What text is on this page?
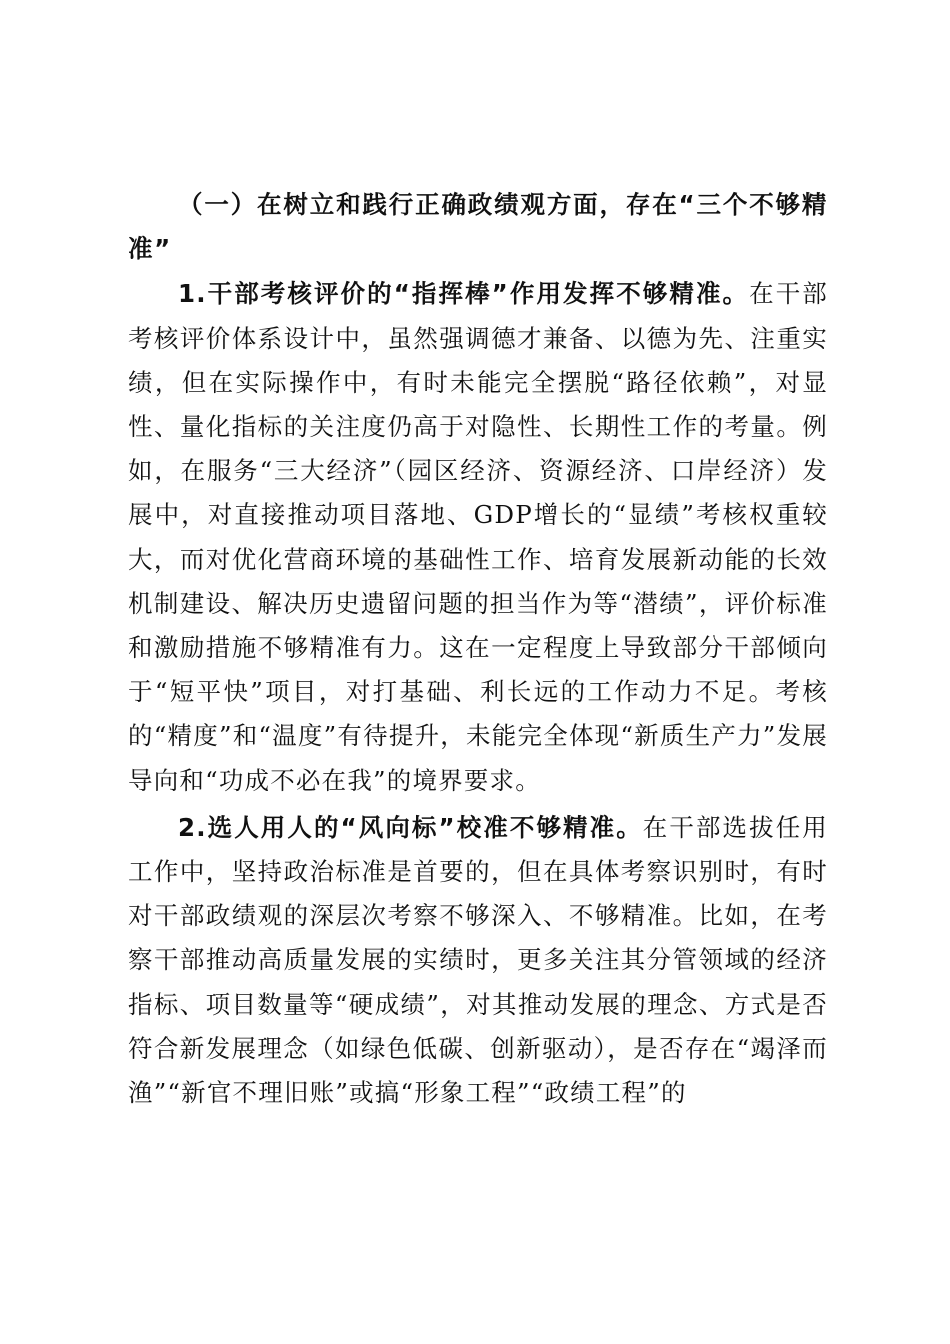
（一）在树立和践行正确政绩观方面，存在“三个不够精准”

1.干部考核评价的“指挥棒”作用发挥不够精准。在干部考核评价体系设计中，虽然强调德才兼备、以德为先、注重实绩，但在实际操作中，有时未能完全摆脱“路径依赖”，对显性、量化指标的关注度仍高于对隐性、长期性工作的考量。例如，在服务“三大经济”（园区经济、资源经济、口岸经济）发展中，对直接推动项目落地、GDP增长的“显绩”考核权重较大，而对优化营商环境的基础性工作、培育发展新动能的长效机制建设、解决历史遗留问题的担当作为等“潜绩”，评价标准和激励措施不够精准有力。这在一定程度上导致部分干部倾向于“短平快”项目，对打基础、利长远的工作动力不足。考核的“精度”和“温度”有待提升，未能完全体现“新质生产力”发展导向和“功成不必在我”的境界要求。

2.选人用人的“风向标”校准不够精准。在干部选拔任用工作中，坚持政治标准是首要的，但在具体考察识别时，有时对干部政绩观的深层次考察不够深入、不够精准。比如，在考察干部推动高质量发展的实绩时，更多关注其分管领域的经济指标、项目数量等“硬成绩”，对其推动发展的理念、方式是否符合新发展理念（如绿色低碳、创新驱动），是否存在“竭泽而渔”“新官不理旧账”或搞“形象工程”“政绩工程”的
